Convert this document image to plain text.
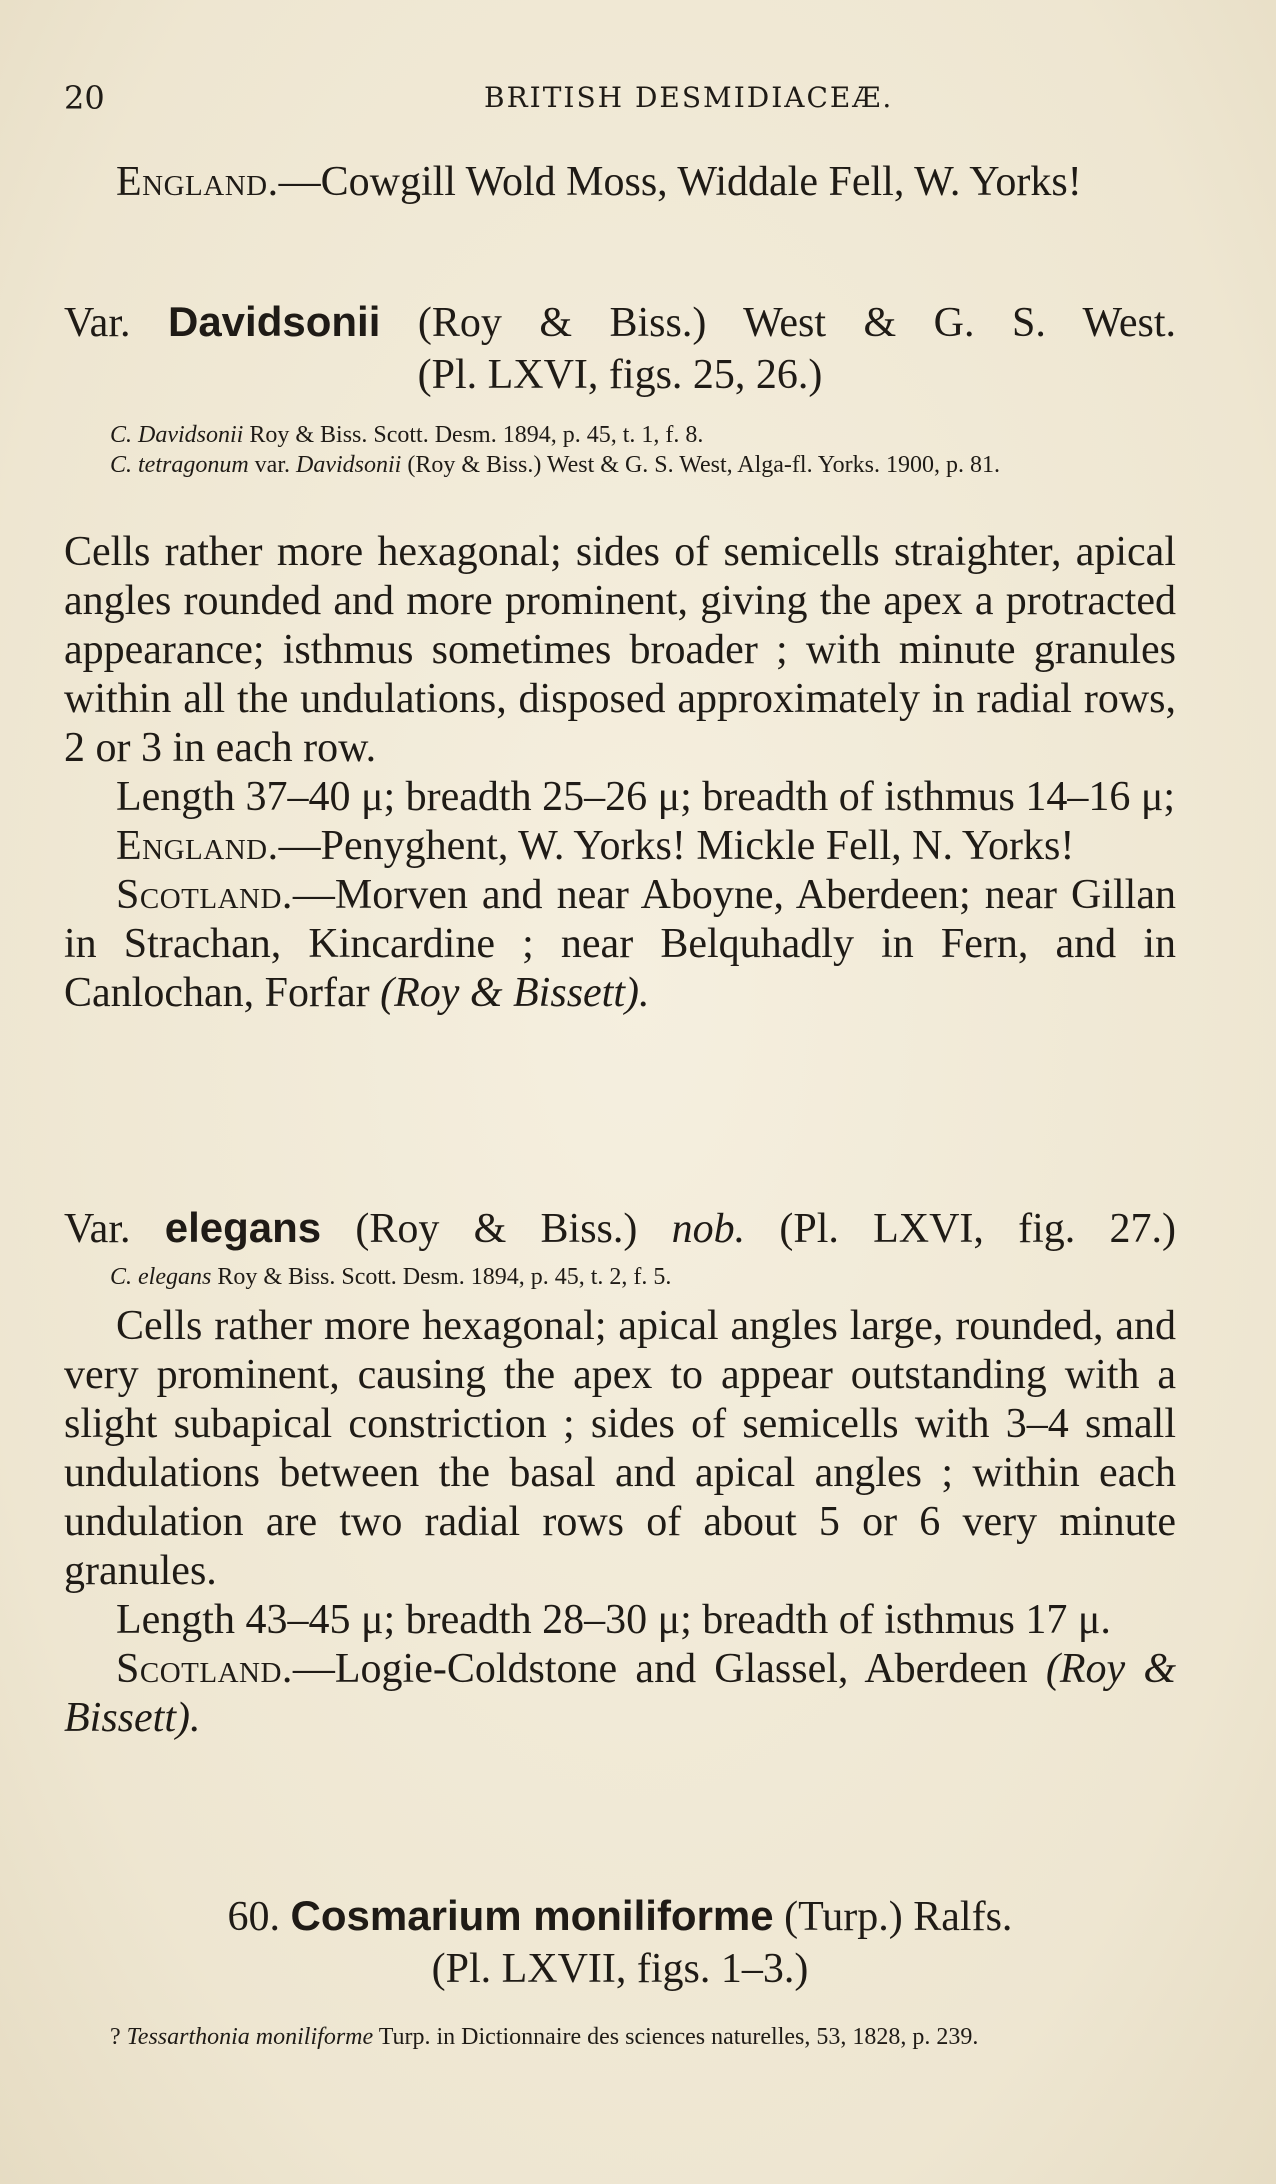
20	BRITISH DESMIDIACEÆ.

England.—Cowgill Wold Moss, Widdale Fell, W. Yorks!

Var. Davidsonii (Roy & Biss.) West & G. S. West.

(Pl. LXVI, figs. 25, 26.)

C. Davidsonii Roy & Biss. Scott. Desm. 1894, p. 45, t. 1, f. 8.

C. tetragonum var. Davidsonii (Roy & Biss.) West & G. S. West, Alga-fl. Yorks. 1900, p. 81.

Cells rather more hexagonal; sides of semicells straighter, apical angles rounded and more prominent, giving the apex a protracted appearance; isthmus sometimes broader ; with minute granules within all the undulations, disposed approximately in radial rows, 2 or 3 in each row.

Length 37–40 μ; breadth 25–26 μ; breadth of isthmus 14–16 μ;

England.—Penyghent, W. Yorks! Mickle Fell, N. Yorks!

Scotland.—Morven and near Aboyne, Aberdeen; near Gillan in Strachan, Kincardine ; near Belquhadly in Fern, and in Canlochan, Forfar (Roy & Bissett).

Var. elegans (Roy & Biss.) nob. (Pl. LXVI, fig. 27.)

C. elegans Roy & Biss. Scott. Desm. 1894, p. 45, t. 2, f. 5.

Cells rather more hexagonal; apical angles large, rounded, and very prominent, causing the apex to appear outstanding with a slight subapical constriction ; sides of semicells with 3–4 small undulations between the basal and apical angles ; within each undulation are two radial rows of about 5 or 6 very minute granules.

Length 43–45 μ; breadth 28–30 μ; breadth of isthmus 17 μ.

Scotland.—Logie-Coldstone and Glassel, Aberdeen (Roy & Bissett).

60. Cosmarium moniliforme (Turp.) Ralfs.

(Pl. LXVII, figs. 1–3.)

? Tessarthonia moniliforme Turp. in Dictionnaire des sciences naturelles, 53, 1828, p. 239.
